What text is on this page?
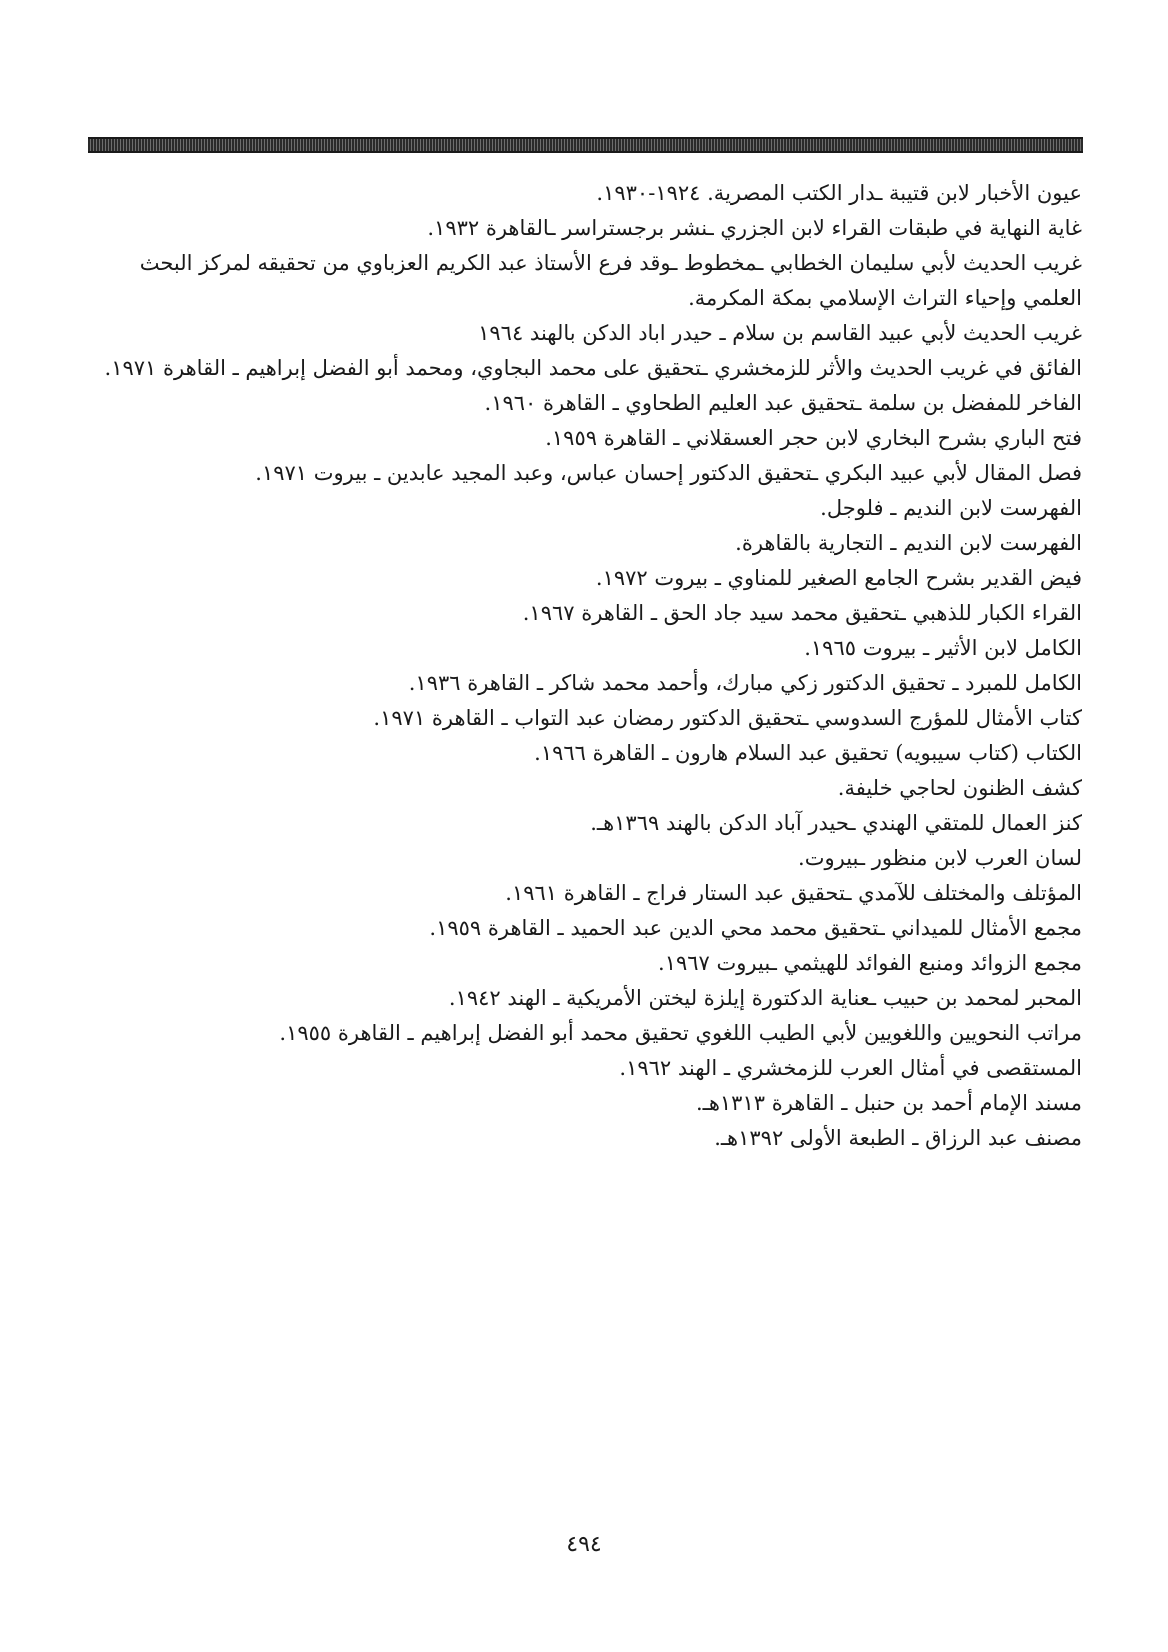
عيون الأخبار لابن قتيبة ـدار الكتب المصرية. ١٩٢٤-١٩٣٠.
غاية النهاية في طبقات القراء لابن الجزري ـنشر برجستراسر ـالقاهرة ١٩٣٢.
غريب الحديث لأبي سليمان الخطابي ـمخطوط ـوقد فرع الأستاذ عبد الكريم العزباوي من تحقيقه لمركز البحث العلمي وإحياء التراث الإسلامي بمكة المكرمة.
غريب الحديث لأبي عبيد القاسم بن سلام ـ حيدر اباد الدكن بالهند ١٩٦٤
الفائق في غريب الحديث والأثر للزمخشري ـتحقيق على محمد البجاوي، ومحمد أبو الفضل إبراهيم ـ القاهرة ١٩٧١.
الفاخر للمفضل بن سلمة ـتحقيق عبد العليم الطحاوي ـ القاهرة ١٩٦٠.
فتح الباري بشرح البخاري لابن حجر العسقلاني ـ القاهرة ١٩٥٩.
فصل المقال لأبي عبيد البكري ـتحقيق الدكتور إحسان عباس، وعبد المجيد عابدين ـ بيروت ١٩٧١.
الفهرست لابن النديم ـ فلوجل.
الفهرست لابن النديم ـ التجارية بالقاهرة.
فيض القدير بشرح الجامع الصغير للمناوي ـ بيروت ١٩٧٢.
القراء الكبار للذهبي ـتحقيق محمد سيد جاد الحق ـ القاهرة ١٩٦٧.
الكامل لابن الأثير ـ بيروت ١٩٦٥.
الكامل للمبرد ـ تحقيق الدكتور زكي مبارك، وأحمد محمد شاكر ـ القاهرة ١٩٣٦.
كتاب الأمثال للمؤرج السدوسي ـتحقيق الدكتور رمضان عبد التواب ـ القاهرة ١٩٧١.
الكتاب (كتاب سيبويه) تحقيق عبد السلام هارون ـ القاهرة ١٩٦٦.
كشف الظنون لحاجي خليفة.
كنز العمال للمتقي الهندي ـحيدر آباد الدكن بالهند ١٣٦٩هـ.
لسان العرب لابن منظور ـبيروت.
المؤتلف والمختلف للآمدي ـتحقيق عبد الستار فراج ـ القاهرة ١٩٦١.
مجمع الأمثال للميداني ـتحقيق محمد محي الدين عبد الحميد ـ القاهرة ١٩٥٩.
مجمع الزوائد ومنبع الفوائد للهيثمي ـبيروت ١٩٦٧.
المحبر لمحمد بن حبيب ـعناية الدكتورة إيلزة ليختن الأمريكية ـ الهند ١٩٤٢.
مراتب النحويين واللغويين لأبي الطيب اللغوي تحقيق محمد أبو الفضل إبراهيم ـ القاهرة ١٩٥٥.
المستقصى في أمثال العرب للزمخشري ـ الهند ١٩٦٢.
مسند الإمام أحمد بن حنبل ـ القاهرة ١٣١٣هـ.
مصنف عبد الرزاق ـ الطبعة الأولى ١٣٩٢هـ.
٤٩٤
